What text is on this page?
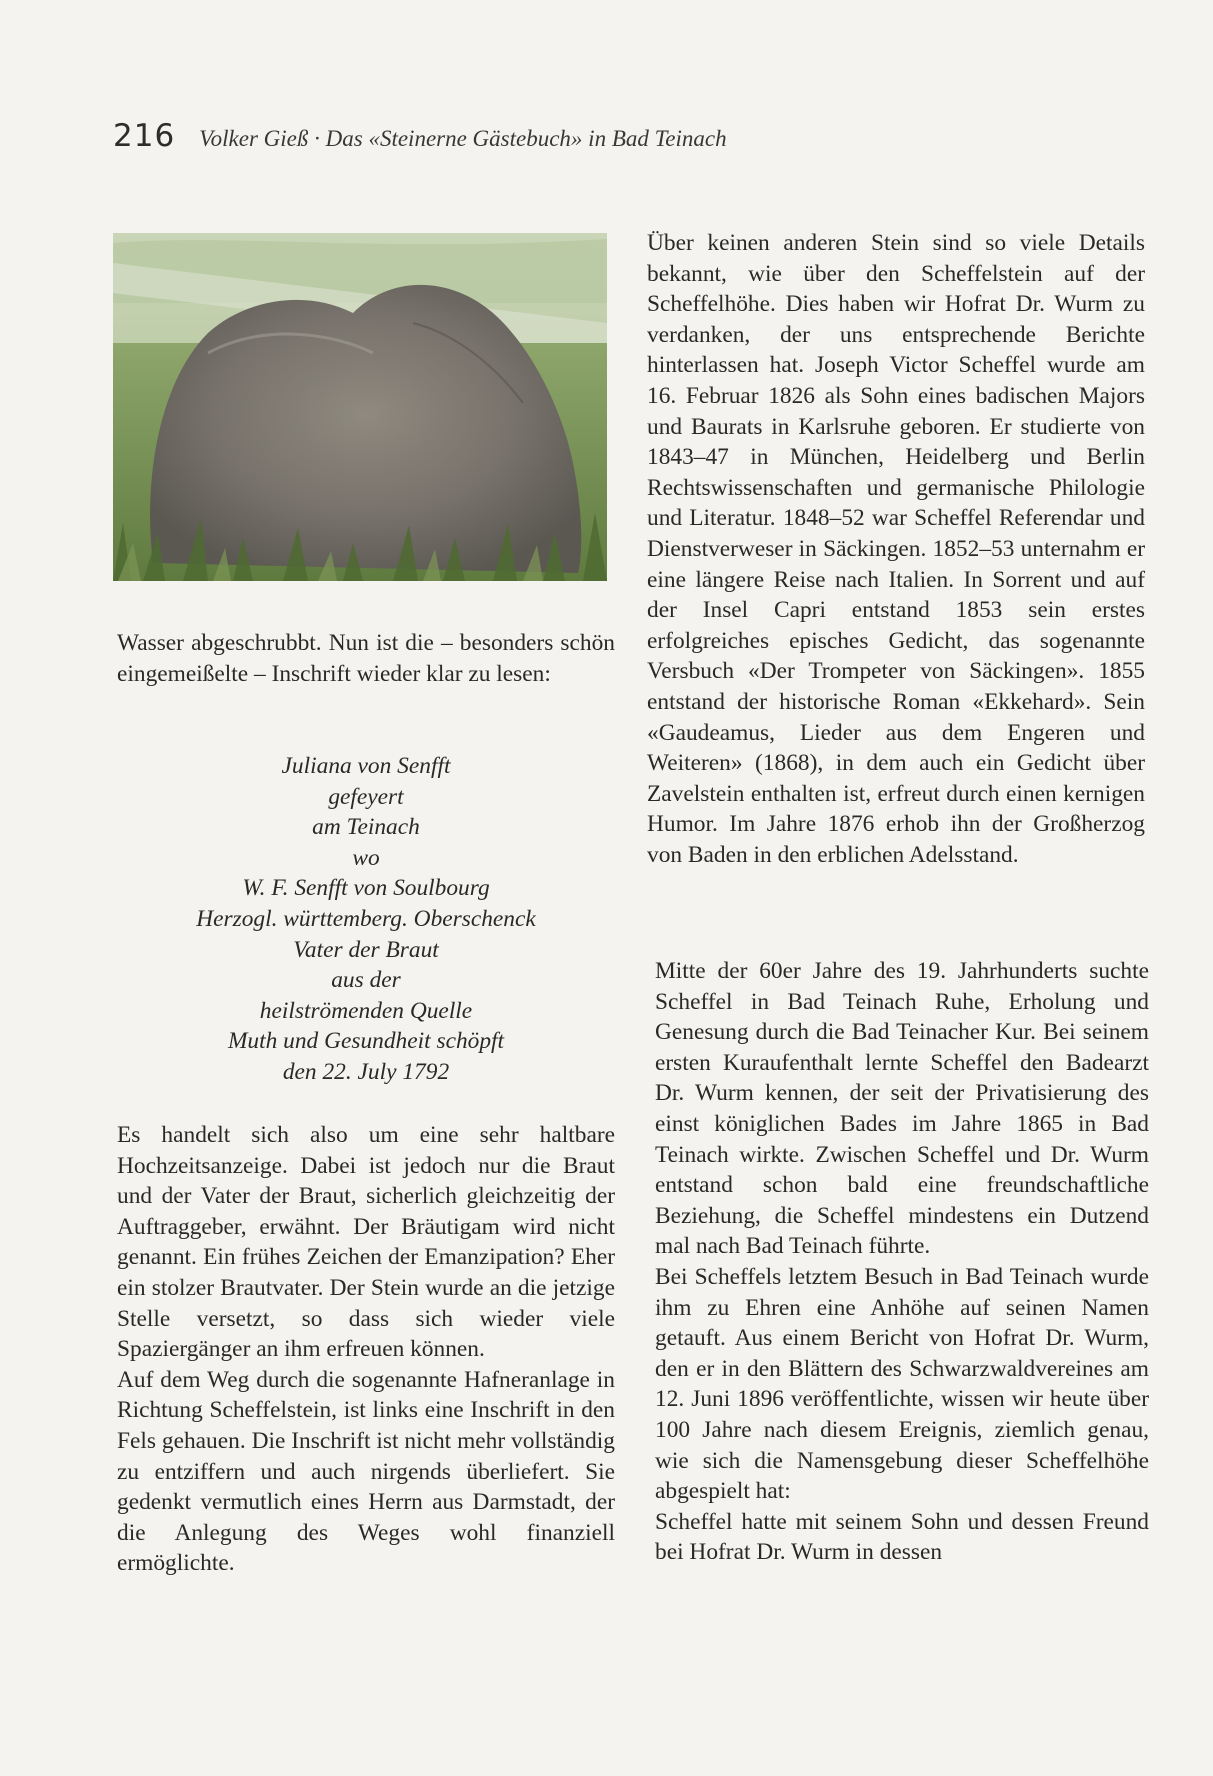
216 Volker Gieß · Das «Steinerne Gästebuch» in Bad Teinach

Wasser abgeschrubbt. Nun ist die – besonders schön eingemeißelte – Inschrift wieder klar zu lesen:

Juliana von Senfft
gefeyert
am Teinach
wo
W. F. Senfft von Soulbourg
Herzogl. württemberg. Oberschenck
Vater der Braut
aus der
heilströmenden Quelle
Muth und Gesundheit schöpft
den 22. July 1792

Es handelt sich also um eine sehr haltbare Hochzeitsanzeige. Dabei ist jedoch nur die Braut und der Vater der Braut, sicherlich gleichzeitig der Auftraggeber, erwähnt. Der Bräutigam wird nicht genannt. Ein frühes Zeichen der Emanzipation? Eher ein stolzer Brautvater. Der Stein wurde an die jetzige Stelle versetzt, so dass sich wieder viele Spaziergänger an ihm erfreuen können.

Auf dem Weg durch die sogenannte Hafneranlage in Richtung Scheffelstein, ist links eine Inschrift in den Fels gehauen. Die Inschrift ist nicht mehr vollständig zu entziffern und auch nirgends überliefert. Sie gedenkt vermutlich eines Herrn aus Darmstadt, der die Anlegung des Weges wohl finanziell ermöglichte.

Über keinen anderen Stein sind so viele Details bekannt, wie über den Scheffelstein auf der Scheffelhöhe. Dies haben wir Hofrat Dr. Wurm zu verdanken, der uns entsprechende Berichte hinterlassen hat. Joseph Victor Scheffel wurde am 16. Februar 1826 als Sohn eines badischen Majors und Baurats in Karlsruhe geboren. Er studierte von 1843–47 in München, Heidelberg und Berlin Rechtswissenschaften und germanische Philologie und Literatur. 1848–52 war Scheffel Referendar und Dienstverweser in Säckingen. 1852–53 unternahm er eine längere Reise nach Italien. In Sorrent und auf der Insel Capri entstand 1853 sein erstes erfolgreiches episches Gedicht, das sogenannte Versbuch «Der Trompeter von Säckingen». 1855 entstand der historische Roman «Ekkehard». Sein «Gaudeamus, Lieder aus dem Engeren und Weiteren» (1868), in dem auch ein Gedicht über Zavelstein enthalten ist, erfreut durch einen kernigen Humor. Im Jahre 1876 erhob ihn der Großherzog von Baden in den erblichen Adelsstand.

Mitte der 60er Jahre des 19. Jahrhunderts suchte Scheffel in Bad Teinach Ruhe, Erholung und Genesung durch die Bad Teinacher Kur. Bei seinem ersten Kuraufenthalt lernte Scheffel den Badearzt Dr. Wurm kennen, der seit der Privatisierung des einst königlichen Bades im Jahre 1865 in Bad Teinach wirkte. Zwischen Scheffel und Dr. Wurm entstand schon bald eine freundschaftliche Beziehung, die Scheffel mindestens ein Dutzend mal nach Bad Teinach führte.

Bei Scheffels letztem Besuch in Bad Teinach wurde ihm zu Ehren eine Anhöhe auf seinen Namen getauft. Aus einem Bericht von Hofrat Dr. Wurm, den er in den Blättern des Schwarzwaldvereines am 12. Juni 1896 veröffentlichte, wissen wir heute über 100 Jahre nach diesem Ereignis, ziemlich genau, wie sich die Namensgebung dieser Scheffelhöhe abgespielt hat:

Scheffel hatte mit seinem Sohn und dessen Freund bei Hofrat Dr. Wurm in dessen
